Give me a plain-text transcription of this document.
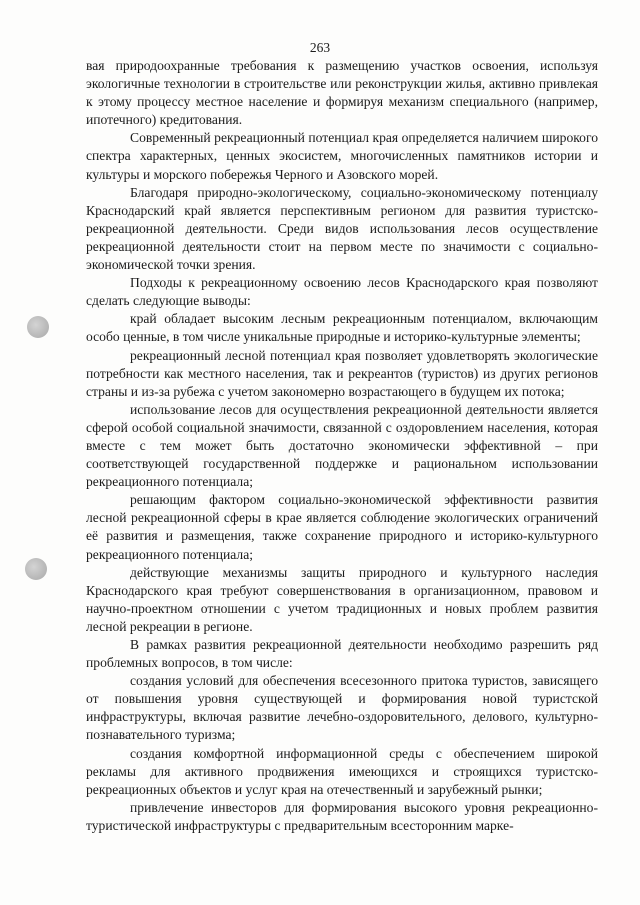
263

вая природоохранные требования к размещению участков освоения, используя экологичные технологии в строительстве или реконструкции жилья, активно привлекая к этому процессу местное население и формируя механизм специального (например, ипотечного) кредитования.

Современный рекреационный потенциал края определяется наличием широкого спектра характерных, ценных экосистем, многочисленных памятников истории и культуры и морского побережья Черного и Азовского морей.

Благодаря природно-экологическому, социально-экономическому потенциалу Краснодарский край является перспективным регионом для развития туристско-рекреационной деятельности. Среди видов использования лесов осуществление рекреационной деятельности стоит на первом месте по значимости с социально-экономической точки зрения.

Подходы к рекреационному освоению лесов Краснодарского края позволяют сделать следующие выводы:

край обладает высоким лесным рекреационным потенциалом, включающим особо ценные, в том числе уникальные природные и историко-культурные элементы;

рекреационный лесной потенциал края позволяет удовлетворять экологические потребности как местного населения, так и рекреантов (туристов) из других регионов страны и из-за рубежа с учетом закономерно возрастающего в будущем их потока;

использование лесов для осуществления рекреационной деятельности является сферой особой социальной значимости, связанной с оздоровлением населения, которая вместе с тем может быть достаточно экономически эффективной – при соответствующей государственной поддержке и рациональном использовании рекреационного потенциала;

решающим фактором социально-экономической эффективности развития лесной рекреационной сферы в крае является соблюдение экологических ограничений её развития и размещения, также сохранение природного и историко-культурного рекреационного потенциала;

действующие механизмы защиты природного и культурного наследия Краснодарского края требуют совершенствования в организационном, правовом и научно-проектном отношении с учетом традиционных и новых проблем развития лесной рекреации в регионе.

В рамках развития рекреационной деятельности необходимо разрешить ряд проблемных вопросов, в том числе:

создания условий для обеспечения всесезонного притока туристов, зависящего от повышения уровня существующей и формирования новой туристской инфраструктуры, включая развитие лечебно-оздоровительного, делового, культурно-познавательного туризма;

создания комфортной информационной среды с обеспечением широкой рекламы для активного продвижения имеющихся и строящихся туристско-рекреационных объектов и услуг края на отечественный и зарубежный рынки;

привлечение инвесторов для формирования высокого уровня рекреационно-туристической инфраструктуры с предварительным всесторонним марке-
